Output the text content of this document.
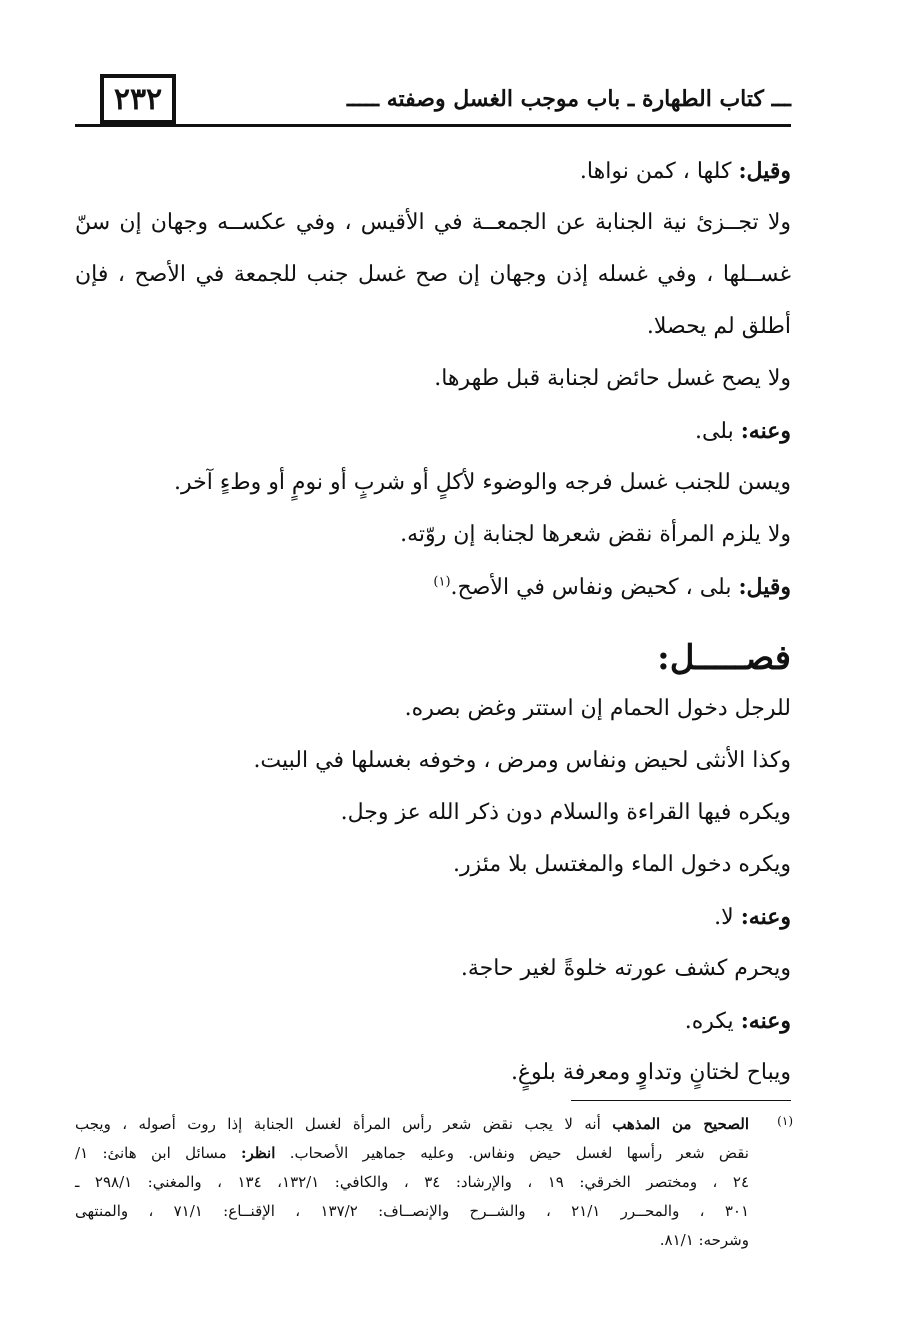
٢٣٢	ـــ كتاب الطهارة ـ باب موجب الغسل وصفته ـــــ
وقيل: كلها ، كمن نواها.
ولا تجــزئ نية الجنابة عن الجمعــة في الأقيس ، وفي عكســه وجهان إن سنّ
غســلها ، وفي غسله إذن وجهان إن صح غسل جنب للجمعة في الأصح ، فإن
أطلق لم يحصلا.
ولا يصح غسل حائض لجنابة قبل طهرها.
وعنه: بلى.
ويسن للجنب غسل فرجه والوضوء لأكلٍ أو شربٍ أو نومٍ أو وطءٍ آخر.
ولا يلزم المرأة نقض شعرها لجنابة إن روّته.
وقيل: بلى ، كحيض ونفاس في الأصح.$^{(١)}$
فصـــــل:
للرجل دخول الحمام إن استتر وغض بصره.
وكذا الأنثى لحيض ونفاس ومرض ، وخوفه بغسلها في البيت.
ويكره فيها القراءة والسلام دون ذكر الله عز وجل.
ويكره دخول الماء والمغتسل بلا مئزر.
وعنه: لا.
ويحرم كشف عورته خلوةً لغير حاجة.
وعنه: يكره.
ويباح لختانٍ وتداوٍ ومعرفة بلوغٍ.
(١)
الصحيح من المذهب أنه لا يجب نقض شعر رأس المرأة لغسل الجنابة إذا روت أصوله ، ويجب
نقض شعر رأسها لغسل حيض ونفاس. وعليه جماهير الأصحاب. انظر: مسائل ابن هانئ: ١/
٢٤ ، ومختصر الخرقي: ١٩ ، والإرشاد: ٣٤ ، والكافي: ١٣٢/١، ١٣٤ ، والمغني: ٢٩٨/١ ـ
٣٠١ ، والمحــرر ٢١/١ ، والشــرح والإنصــاف: ١٣٧/٢ ، الإقنــاع: ٧١/١ ، والمنتهى
وشرحه: ٨١/١.
